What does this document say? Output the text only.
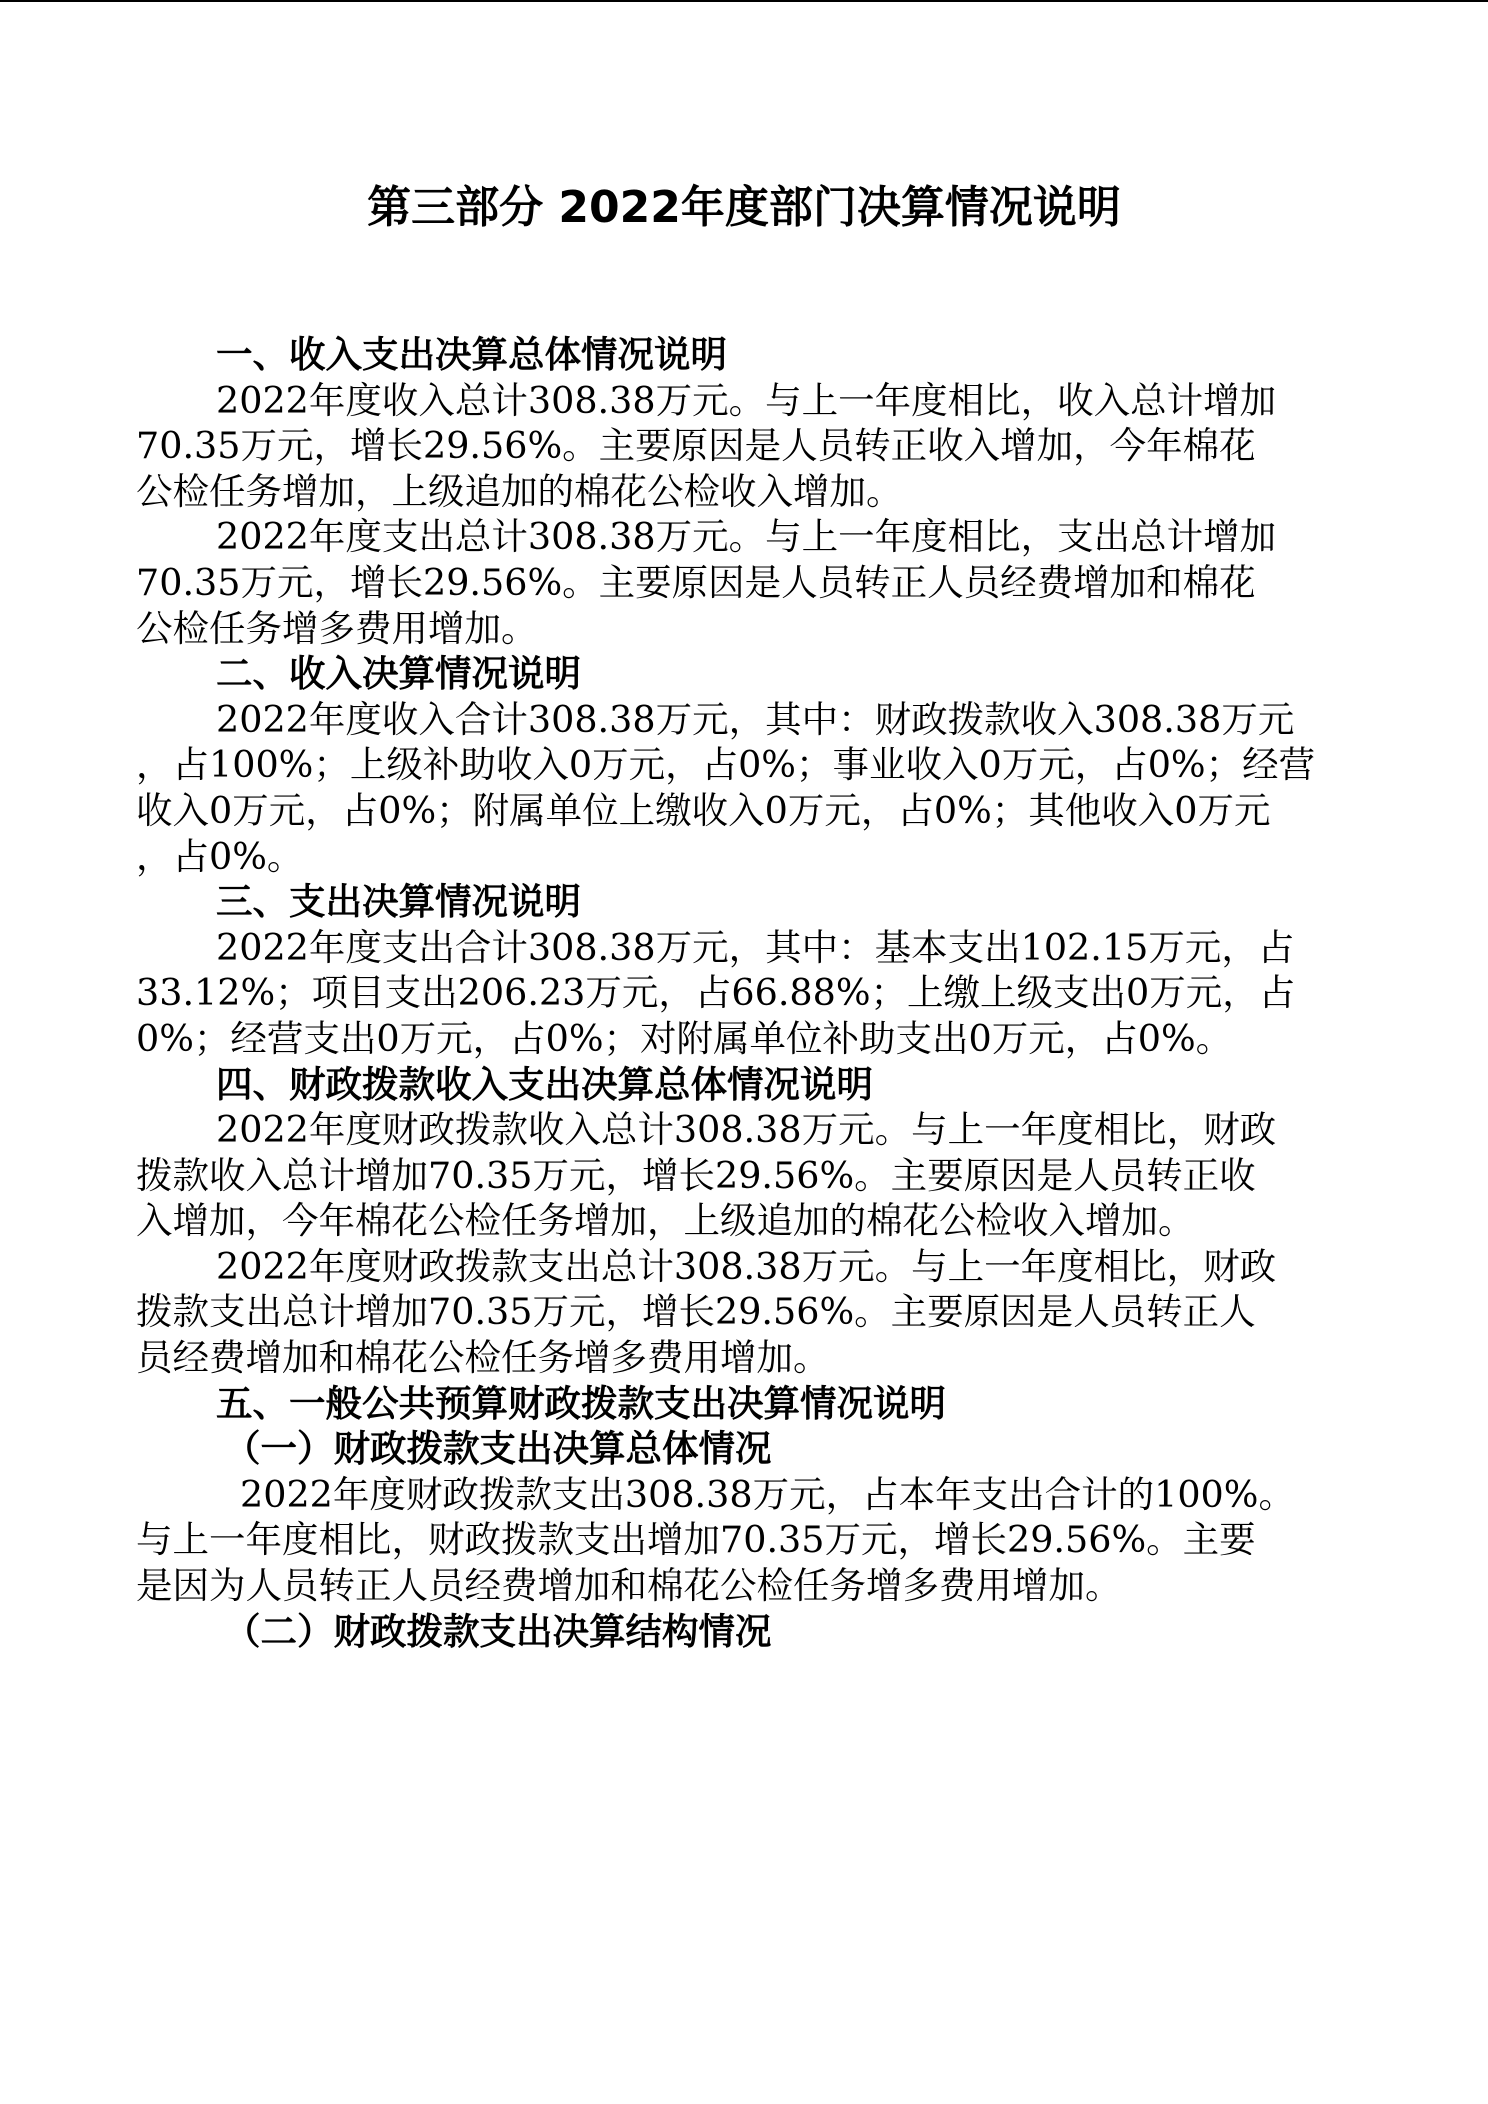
第三部分 2022年度部门决算情况说明
一、收入支出决算总体情况说明
2022年度收入总计308.38万元。与上一年度相比，收入总计增加
70.35万元，增长29.56%。主要原因是人员转正收入增加，今年棉花
公检任务增加，上级追加的棉花公检收入增加。
2022年度支出总计308.38万元。与上一年度相比，支出总计增加
70.35万元，增长29.56%。主要原因是人员转正人员经费增加和棉花
公检任务增多费用增加。
二、收入决算情况说明
2022年度收入合计308.38万元，其中：财政拨款收入308.38万元
，占100%；上级补助收入0万元，占0%；事业收入0万元，占0%；经营
收入0万元，占0%；附属单位上缴收入0万元，占0%；其他收入0万元
，占0%。
三、支出决算情况说明
2022年度支出合计308.38万元，其中：基本支出102.15万元，占
33.12%；项目支出206.23万元，占66.88%；上缴上级支出0万元，占
0%；经营支出0万元，占0%；对附属单位补助支出0万元，占0%。
四、财政拨款收入支出决算总体情况说明
2022年度财政拨款收入总计308.38万元。与上一年度相比，财政
拨款收入总计增加70.35万元，增长29.56%。主要原因是人员转正收
入增加，今年棉花公检任务增加，上级追加的棉花公检收入增加。
2022年度财政拨款支出总计308.38万元。与上一年度相比，财政
拨款支出总计增加70.35万元，增长29.56%。主要原因是人员转正人
员经费增加和棉花公检任务增多费用增加。
五、一般公共预算财政拨款支出决算情况说明
（一）财政拨款支出决算总体情况
2022年度财政拨款支出308.38万元，占本年支出合计的100%。
与上一年度相比，财政拨款支出增加70.35万元，增长29.56%。主要
是因为人员转正人员经费增加和棉花公检任务增多费用增加。
（二）财政拨款支出决算结构情况
